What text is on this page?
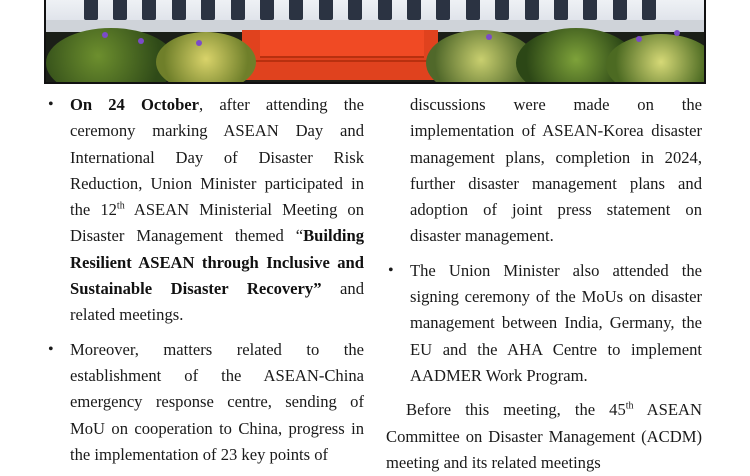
• On 24 October, after attending the ceremony marking ASEAN Day and International Day of Disaster Risk Reduction, Union Minister participated in the 12th ASEAN Ministerial Meeting on Disaster Management themed “Building Resilient ASEAN through Inclusive and Sustainable Disaster Recovery” and related meetings.
• Moreover, matters related to the establishment of the ASEAN-China emergency response centre, sending of MoU on cooperation to China, progress in the implementation of 23 key points of

discussions were made on the implementation of ASEAN-Korea disaster management plans, completion in 2024, further disaster management plans and adoption of joint press statement on disaster management.

• The Union Minister also attended the signing ceremony of the MoUs on disaster management between India, Germany, the EU and the AHA Centre to implement AADMER Work Program.

Before this meeting, the 45th ASEAN Committee on Disaster Management (ACDM) meeting and its related meetings
